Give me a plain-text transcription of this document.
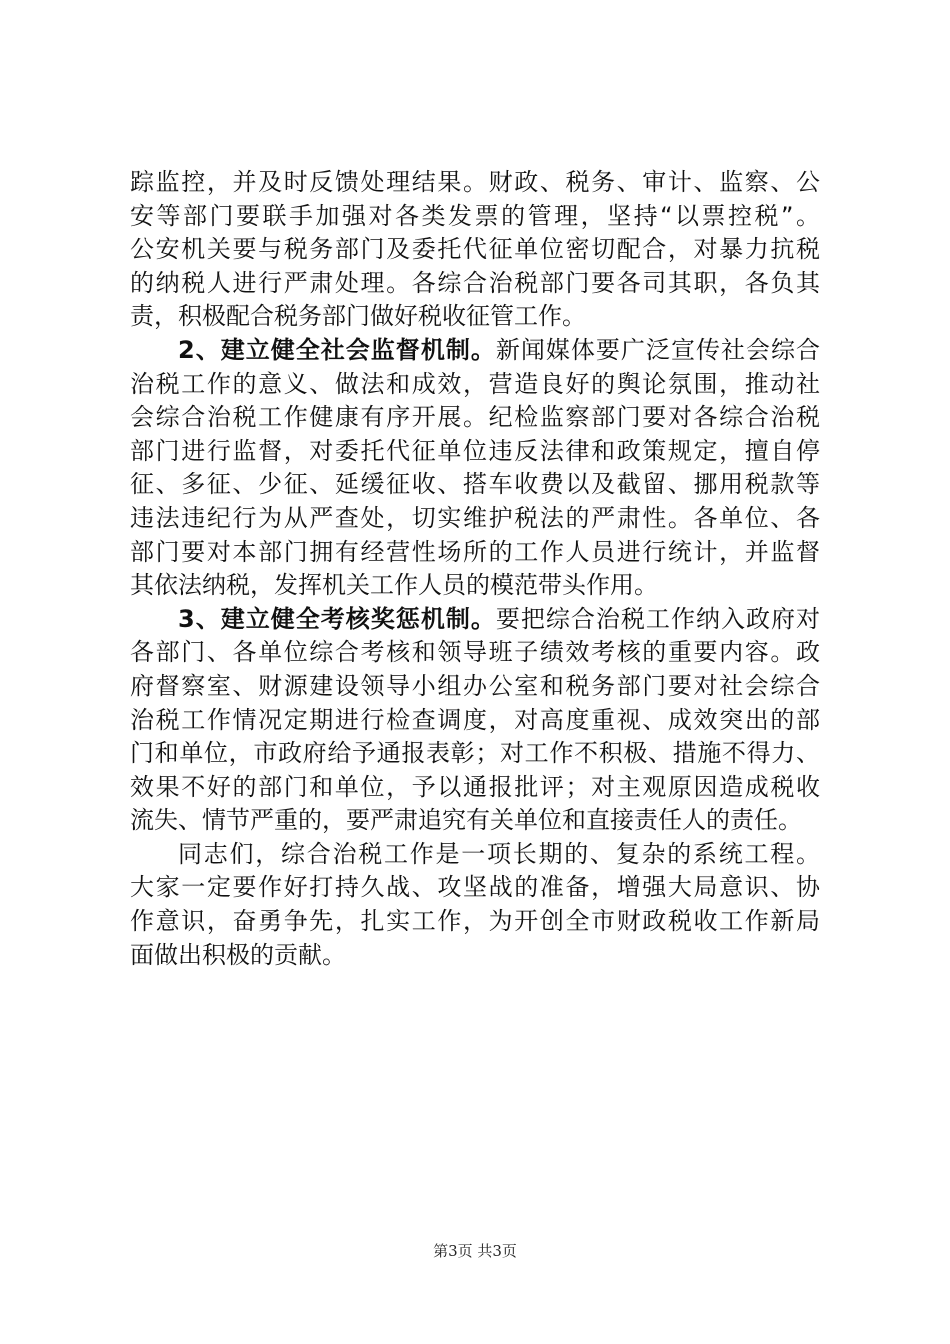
踪监控，并及时反馈处理结果。财政、税务、审计、监察、公
安等部门要联手加强对各类发票的管理，坚持“以票控税”。
公安机关要与税务部门及委托代征单位密切配合，对暴力抗税
的纳税人进行严肃处理。各综合治税部门要各司其职，各负其
责，积极配合税务部门做好税收征管工作。
2、建立健全社会监督机制。新闻媒体要广泛宣传社会综合
治税工作的意义、做法和成效，营造良好的舆论氛围，推动社
会综合治税工作健康有序开展。纪检监察部门要对各综合治税
部门进行监督，对委托代征单位违反法律和政策规定，擅自停
征、多征、少征、延缓征收、搭车收费以及截留、挪用税款等
违法违纪行为从严查处，切实维护税法的严肃性。各单位、各
部门要对本部门拥有经营性场所的工作人员进行统计，并监督
其依法纳税，发挥机关工作人员的模范带头作用。
3、建立健全考核奖惩机制。要把综合治税工作纳入政府对
各部门、各单位综合考核和领导班子绩效考核的重要内容。政
府督察室、财源建设领导小组办公室和税务部门要对社会综合
治税工作情况定期进行检查调度，对高度重视、成效突出的部
门和单位，市政府给予通报表彰；对工作不积极、措施不得力、
效果不好的部门和单位，予以通报批评；对主观原因造成税收
流失、情节严重的，要严肃追究有关单位和直接责任人的责任。
同志们，综合治税工作是一项长期的、复杂的系统工程。
大家一定要作好打持久战、攻坚战的准备，增强大局意识、协
作意识，奋勇争先，扎实工作，为开创全市财政税收工作新局
面做出积极的贡献。
第3页 共3页
